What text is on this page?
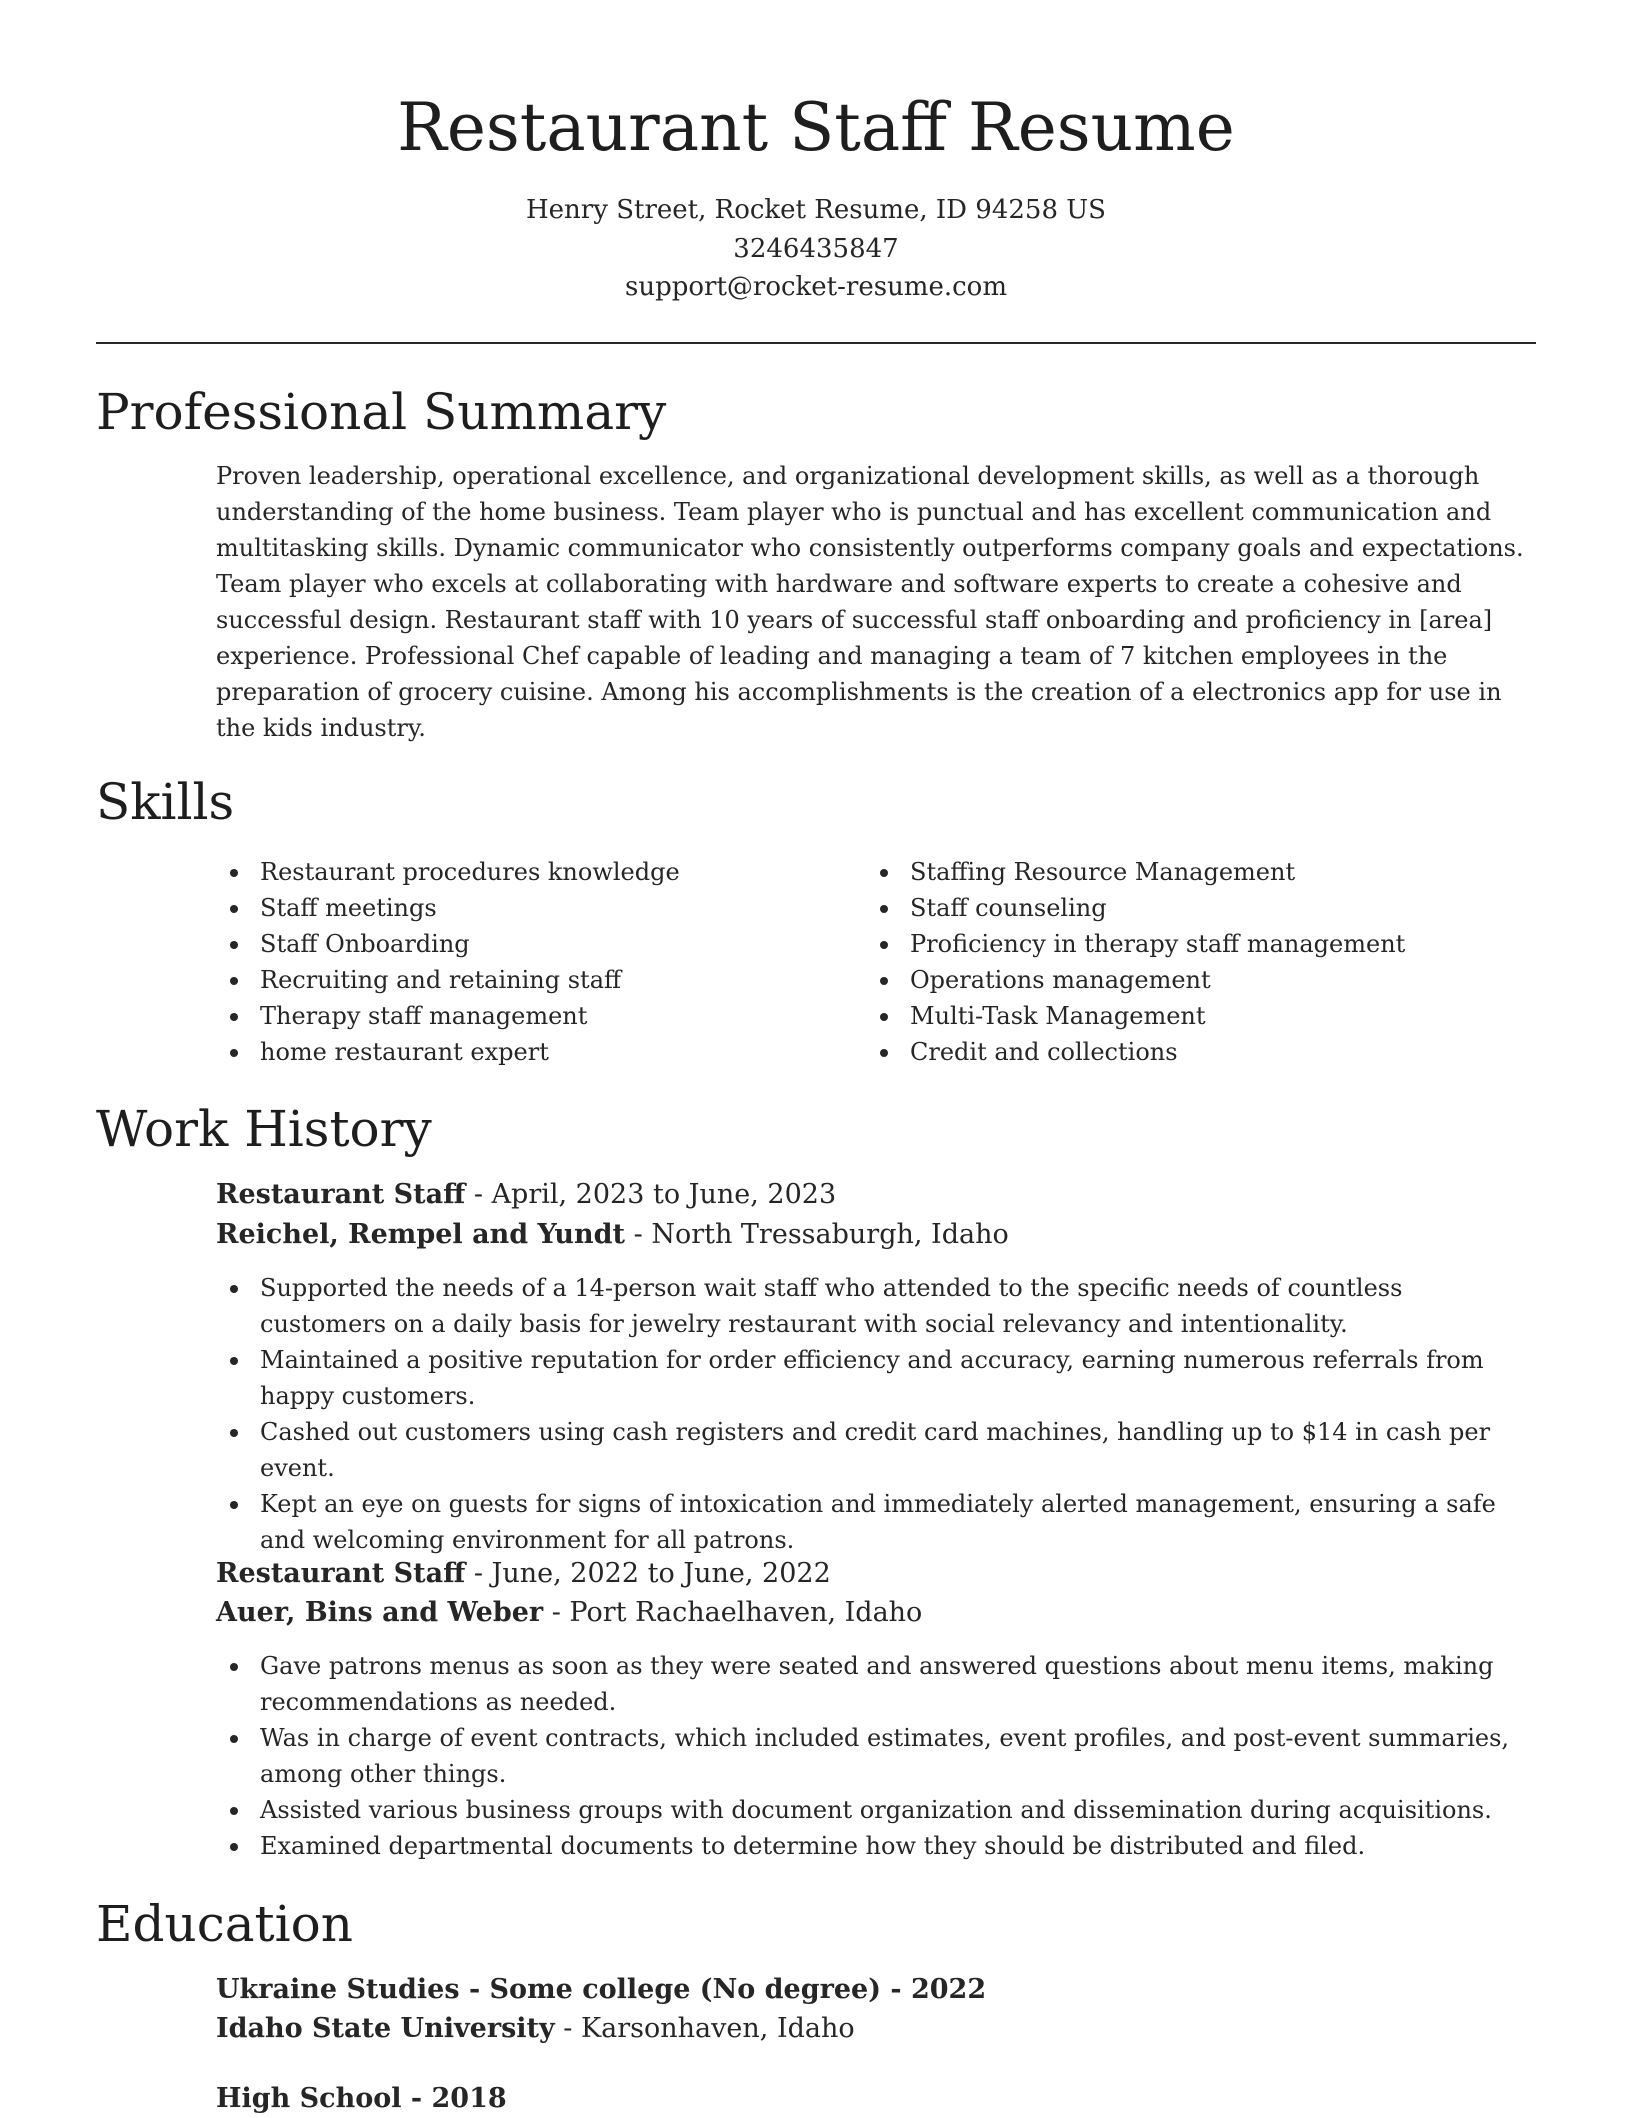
Restaurant Staff Resume
Henry Street, Rocket Resume, ID 94258 US
3246435847
support@rocket-resume.com
Professional Summary

Proven leadership, operational excellence, and organizational development skills, as well as a thorough understanding of the home business. Team player who is punctual and has excellent communication and multitasking skills. Dynamic communicator who consistently outperforms company goals and expectations. Team player who excels at collaborating with hardware and software experts to create a cohesive and successful design. Restaurant staff with 10 years of successful staff onboarding and proficiency in [area] experience. Professional Chef capable of leading and managing a team of 7 kitchen employees in the preparation of grocery cuisine. Among his accomplishments is the creation of a electronics app for use in the kids industry.

Skills
Restaurant procedures knowledge
Staff meetings
Staff Onboarding
Recruiting and retaining staff
Therapy staff management
home restaurant expert
Staffing Resource Management
Staff counseling
Proficiency in therapy staff management
Operations management
Multi-Task Management
Credit and collections
Work History
Restaurant Staff - April, 2023 to June, 2023
Reichel, Rempel and Yundt - North Tressaburgh, Idaho
Supported the needs of a 14-person wait staff who attended to the specific needs of countless customers on a daily basis for jewelry restaurant with social relevancy and intentionality.
Maintained a positive reputation for order efficiency and accuracy, earning numerous referrals from happy customers.
Cashed out customers using cash registers and credit card machines, handling up to $14 in cash per event.
Kept an eye on guests for signs of intoxication and immediately alerted management, ensuring a safe and welcoming environment for all patrons.
Restaurant Staff - June, 2022 to June, 2022
Auer, Bins and Weber - Port Rachaelhaven, Idaho
Gave patrons menus as soon as they were seated and answered questions about menu items, making recommendations as needed.
Was in charge of event contracts, which included estimates, event profiles, and post-event summaries, among other things.
Assisted various business groups with document organization and dissemination during acquisitions.
Examined departmental documents to determine how they should be distributed and filed.
Education
Ukraine Studies - Some college (No degree) - 2022
Idaho State University - Karsonhaven, Idaho
High School - 2018
